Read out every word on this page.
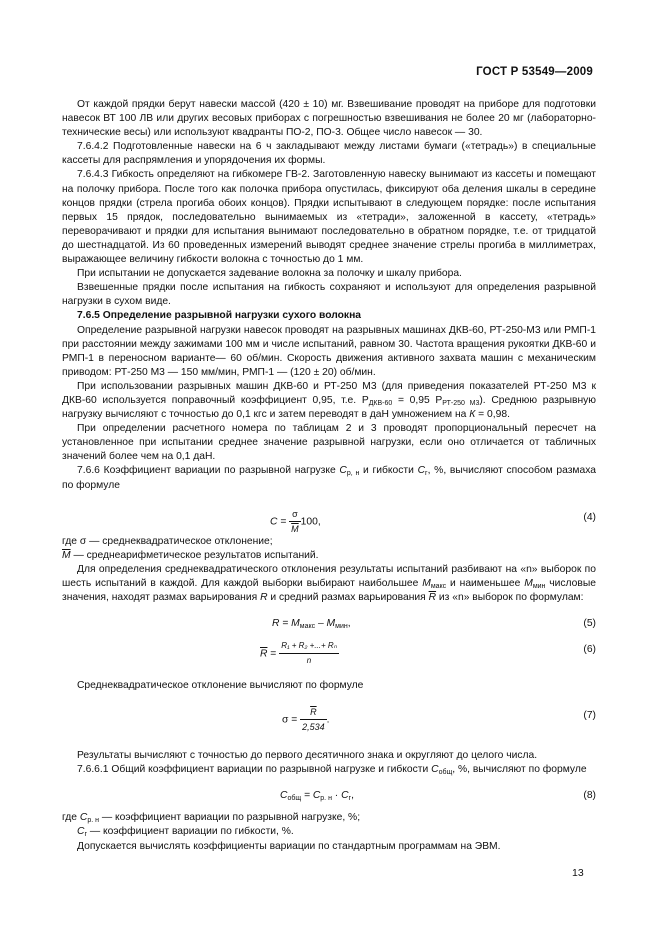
ГОСТ Р 53549—2009

От каждой прядки берут навески массой (420 ± 10) мг. Взвешивание проводят на приборе для подготовки навесок ВТ 100 ЛВ или других весовых приборах с погрешностью взвешивания не более 20 мг (лабораторно-технические весы) или используют квадранты ПО-2, ПО-3. Общее число навесок — 30.

7.6.4.2 Подготовленные навески на 6 ч закладывают между листами бумаги («тетрадь») в специальные кассеты для распрямления и упорядочения их формы.

7.6.4.3 Гибкость определяют на гибкомере ГВ-2. Заготовленную навеску вынимают из кассеты и помещают на полочку прибора. После того как полочка прибора опустилась, фиксируют оба деления шкалы в середине концов прядки (стрела прогиба обоих концов). Прядки испытывают в следующем порядке: после испытания первых 15 прядок, последовательно вынимаемых из «тетради», заложенной в кассету, «тетрадь» переворачивают и прядки для испытания вынимают последовательно в обратном порядке, т.е. от тридцатой до шестнадцатой. Из 60 проведенных измерений выводят среднее значение стрелы прогиба в миллиметрах, выражающее величину гибкости волокна с точностью до 1 мм.

При испытании не допускается задевание волокна за полочку и шкалу прибора.

Взвешенные прядки после испытания на гибкость сохраняют и используют для определения разрывной нагрузки в сухом виде.

7.6.5 Определение разрывной нагрузки сухого волокна

Определение разрывной нагрузки навесок проводят на разрывных машинах ДКВ-60, РТ-250-М3 или РМП-1 при расстоянии между зажимами 100 мм и числе испытаний, равном 30. Частота вращения рукоятки ДКВ-60 и РМП-1 в переносном варианте— 60 об/мин. Скорость движения активного захвата машин с механическим приводом: РТ-250 М3 — 150 мм/мин, РМП-1 — (120 ± 20) об/мин.

При использовании разрывных машин ДКВ-60 и РТ-250 М3 (для приведения показателей РТ-250 М3 к ДКВ-60 используется поправочный коэффициент 0,95, т.е. $Р_{ДКВ-60} = 0,95$ $Р_{РТ-250 М3}$). Среднюю разрывную нагрузку вычисляют с точностью до 0,1 кгс и затем переводят в даН умножением на К = 0,98.

При определении расчетного номера по таблицам 2 и 3 проводят пропорциональный пересчет на установленное при испытании среднее значение разрывной нагрузки, если оно отличается от табличных значений более чем на 0,1 даН.

7.6.6 Коэффициент вариации по разрывной нагрузке $С_{р, н}$ и гибкости $С_г$, %, вычисляют способом размаха по формуле

$C = \frac{\sigma}{M} 100$,	(4)

где σ — среднеквадратическое отклонение;

$\overline{M}$ — среднеарифметическое результатов испытаний.

Для определения среднеквадратического отклонения результаты испытаний разбивают на «n» выборок по шесть испытаний в каждой. Для каждой выборки выбирают наибольшее $M_{макс}$ и наименьшее $M_{мин}$ числовые значения, находят размах варьирования R и средний размах варьирования $\overline{R}$ из «n» выборок по формулам:

$R = M_{макс} - M_{мин}$,	(5)
$\overline{R} = \frac{\text{R₁ + R₂ +...+ Rₙ}}{n}$	(6)

Среднеквадратическое отклонение вычисляют по формуле

$\sigma = \frac{\overline{R}}{2,534}$ .	(7)

Результаты вычисляют с точностью до первого десятичного знака и округляют до целого числа.

7.6.6.1 Общий коэффициент вариации по разрывной нагрузке и гибкости $С_{общ}$, %, вычисляют по формуле

$С_{общ} = С_{р. н} \cdot С_г$,	(8)

где $С_{р. н}$ — коэффициент вариации по разрывной нагрузке, %;

$С_г$ — коэффициент вариации по гибкости, %.

Допускается вычислять коэффициенты вариации по стандартным программам на ЭВМ.

13
